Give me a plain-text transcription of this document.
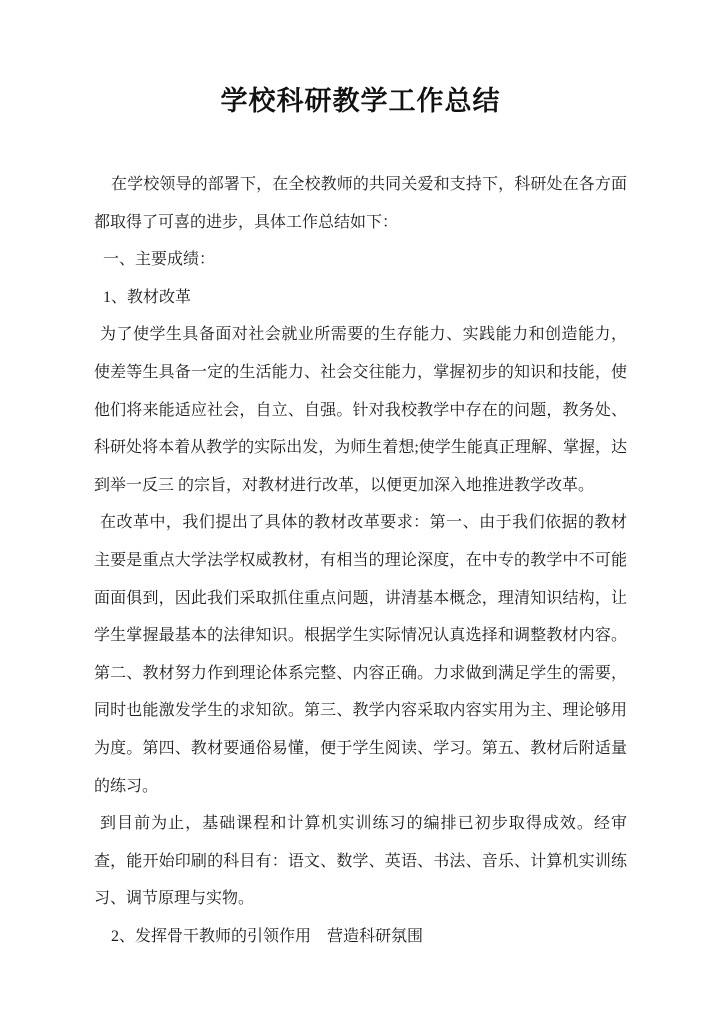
学校科研教学工作总结

在学校领导的部署下，在全校教师的共同关爱和支持下，科研处在各方面都取得了可喜的进步，具体工作总结如下：

一、主要成绩：

1、教材改革

为了使学生具备面对社会就业所需要的生存能力、实践能力和创造能力，使差等生具备一定的生活能力、社会交往能力，掌握初步的知识和技能，使他们将来能适应社会，自立、自强。针对我校教学中存在的问题，教务处、科研处将本着从教学的实际出发，为师生着想;使学生能真正理解、掌握，达到举一反三 的宗旨，对教材进行改革，以便更加深入地推进教学改革。

在改革中，我们提出了具体的教材改革要求：第一、由于我们依据的教材主要是重点大学法学权威教材，有相当的理论深度，在中专的教学中不可能面面俱到，因此我们采取抓住重点问题，讲清基本概念，理清知识结构，让学生掌握最基本的法律知识。根据学生实际情况认真选择和调整教材内容。第二、教材努力作到理论体系完整、内容正确。力求做到满足学生的需要，同时也能激发学生的求知欲。第三、教学内容采取内容实用为主、理论够用为度。第四、教材要通俗易懂，便于学生阅读、学习。第五、教材后附适量的练习。

到目前为止，基础课程和计算机实训练习的编排已初步取得成效。经审查，能开始印刷的科目有：语文、数学、英语、书法、音乐、计算机实训练习、调节原理与实物。

2、发挥骨干教师的引领作用　营造科研氛围
